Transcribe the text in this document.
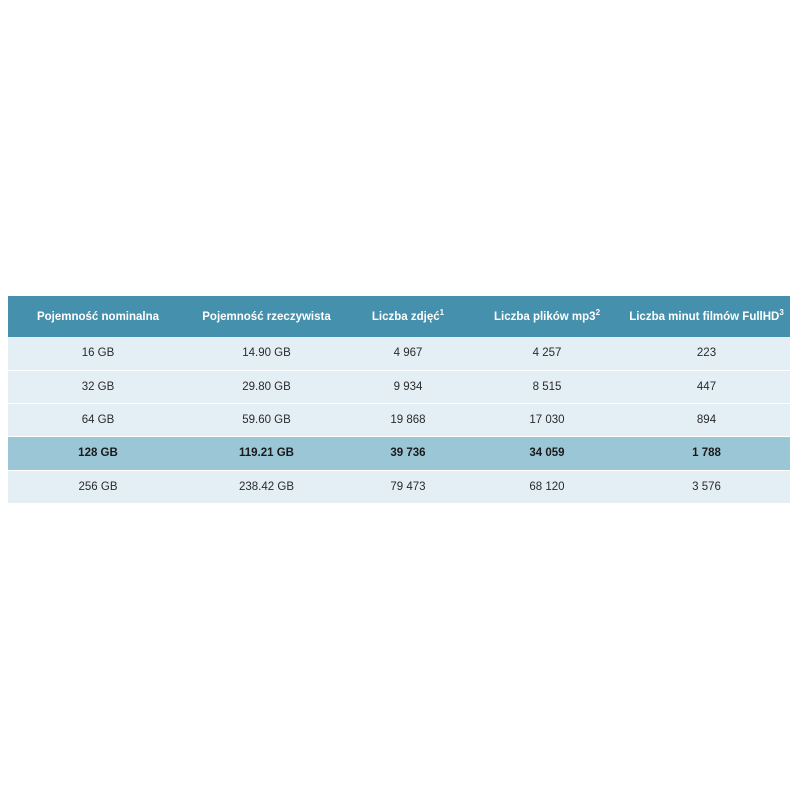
Pojemność nominalna	Pojemność rzeczywista	Liczba zdjęć$^1$	Liczba plików $mp3^2$	Liczba minut filmów FullHD$^3$
16 GB	14.90 GB	4 967	4 257	223
32 GB	29.80 GB	9 934	8 515	447
64 GB	59.60 GB	19 868	17 030	894
128 GB	119.21 GB	39 736	34 059	1 788
256 GB	238.42 GB	79 473	68 120	3 576
